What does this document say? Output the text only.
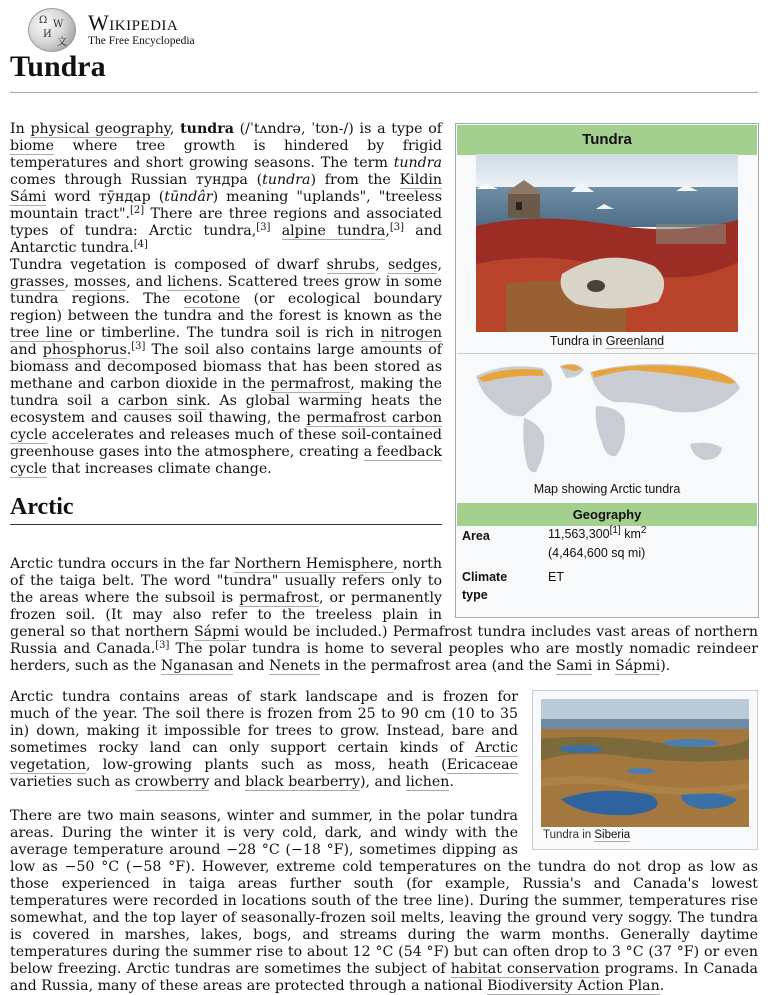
Ω W
И
文
Wikipedia
The Free Encyclopedia
Tundra

In physical geography, tundra (/ˈtʌndrə, ˈtʊn-/) is a type of biome where tree growth is hindered by frigid temperatures and short growing seasons. The term tundra comes through Russian тундра (tundra) from the Kildin Sámi word тӯндар (tūndâr) meaning "uplands", "treeless mountain tract".[2] There are three regions and associated types of tundra: Arctic tundra,[3] alpine tundra,[3] and Antarctic tundra.[4]

Tundra vegetation is composed of dwarf shrubs, sedges, grasses, mosses, and lichens. Scattered trees grow in some tundra regions. The ecotone (or ecological boundary region) between the tundra and the forest is known as the tree line or timberline. The tundra soil is rich in nitrogen and phosphorus.[3] The soil also contains large amounts of biomass and decomposed biomass that has been stored as methane and carbon dioxide in the permafrost, making the tundra soil a carbon sink. As global warming heats the ecosystem and causes soil thawing, the permafrost carbon cycle accelerates and releases much of these soil-contained greenhouse gases into the atmosphere, creating a feedback cycle that increases climate change.

Arctic

Arctic tundra occurs in the far Northern Hemisphere, north of the taiga belt. The word "tundra" usually refers only to the areas where the subsoil is permafrost, or permanently frozen soil. (It may also refer to the treeless plain in general so that northern Sápmi would be included.) Permafrost tundra includes vast areas of northern Russia and Canada.[3] The polar tundra is home to several peoples who are mostly nomadic reindeer herders, such as the Nganasan and Nenets in the permafrost area (and the Sami in Sápmi).

Arctic tundra contains areas of stark landscape and is frozen for much of the year. The soil there is frozen from 25 to 90 cm (10 to 35 in) down, making it impossible for trees to grow. Instead, bare and sometimes rocky land can only support certain kinds of Arctic vegetation, low-growing plants such as moss, heath (Ericaceae varieties such as crowberry and black bearberry), and lichen.

There are two main seasons, winter and summer, in the polar tundra areas. During the winter it is very cold, dark, and windy with the average temperature around −28 °C (−18 °F), sometimes dipping as low as −50 °C (−58 °F). However, extreme cold temperatures on the tundra do not drop as low as those experienced in taiga areas further south (for example, Russia's and Canada's lowest temperatures were recorded in locations south of the tree line). During the summer, temperatures rise somewhat, and the top layer of seasonally-frozen soil melts, leaving the ground very soggy. The tundra is covered in marshes, lakes, bogs, and streams during the warm months. Generally daytime temperatures during the summer rise to about 12 °C (54 °F) but can often drop to 3 °C (37 °F) or even below freezing. Arctic tundras are sometimes the subject of habitat conservation programs. In Canada and Russia, many of these areas are protected through a national Biodiversity Action Plan.

Tundra
Tundra in Greenland
Map showing Arctic tundra
Geography
Area	11,563,300[1] $km^2$
(4,464,600 sq mi)
Climate
type
ET
Tundra in Siberia
